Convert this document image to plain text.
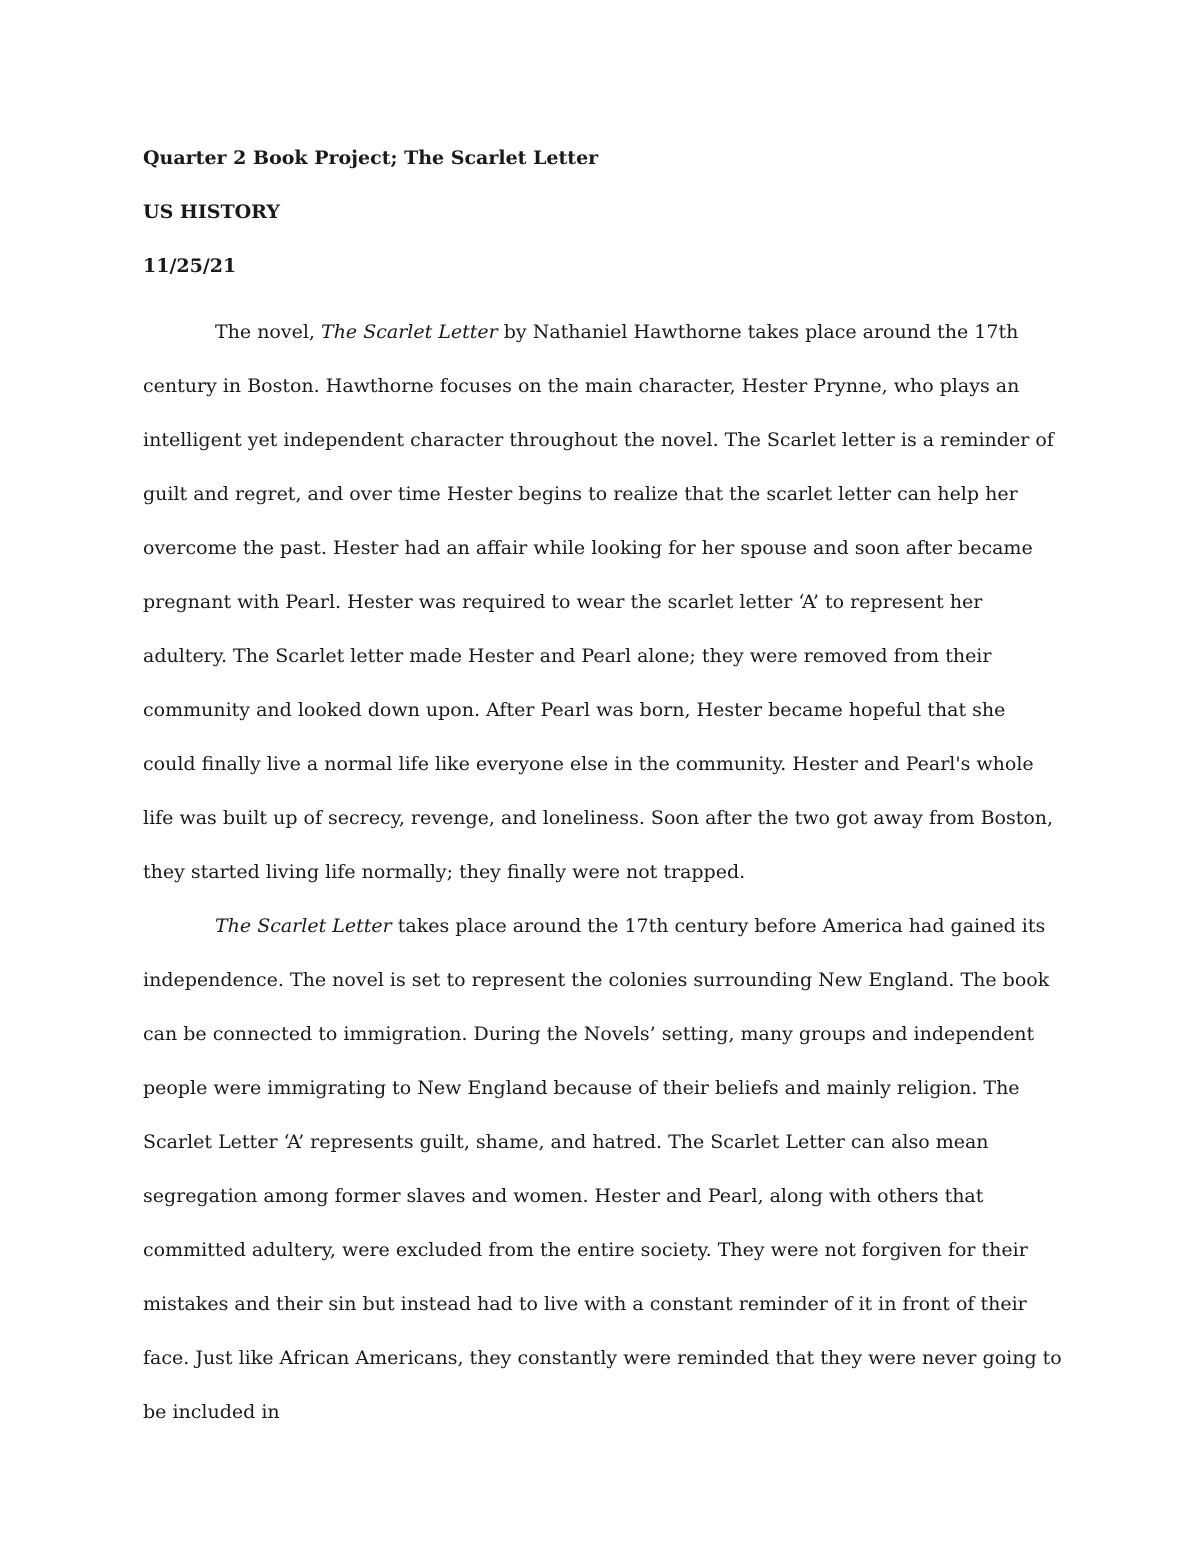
Quarter 2 Book Project; The Scarlet Letter
US HISTORY
11/25/21

The novel, The Scarlet Letter by Nathaniel Hawthorne takes place around the 17th century in Boston. Hawthorne focuses on the main character, Hester Prynne, who plays an intelligent yet independent character throughout the novel. The Scarlet letter is a reminder of guilt and regret, and over time Hester begins to realize that the scarlet letter can help her overcome the past. Hester had an affair while looking for her spouse and soon after became pregnant with Pearl. Hester was required to wear the scarlet letter ‘A’ to represent her adultery. The Scarlet letter made Hester and Pearl alone; they were removed from their community and looked down upon. After Pearl was born, Hester became hopeful that she could finally live a normal life like everyone else in the community. Hester and Pearl's whole life was built up of secrecy, revenge, and loneliness. Soon after the two got away from Boston, they started living life normally; they finally were not trapped.

The Scarlet Letter takes place around the 17th century before America had gained its independence. The novel is set to represent the colonies surrounding New England. The book can be connected to immigration. During the Novels’ setting, many groups and independent people were immigrating to New England because of their beliefs and mainly religion. The Scarlet Letter ‘A’ represents guilt, shame, and hatred. The Scarlet Letter can also mean segregation among former slaves and women. Hester and Pearl, along with others that committed adultery, were excluded from the entire society. They were not forgiven for their mistakes and their sin but instead had to live with a constant reminder of it in front of their face. Just like African Americans, they constantly were reminded that they were never going to be included in
